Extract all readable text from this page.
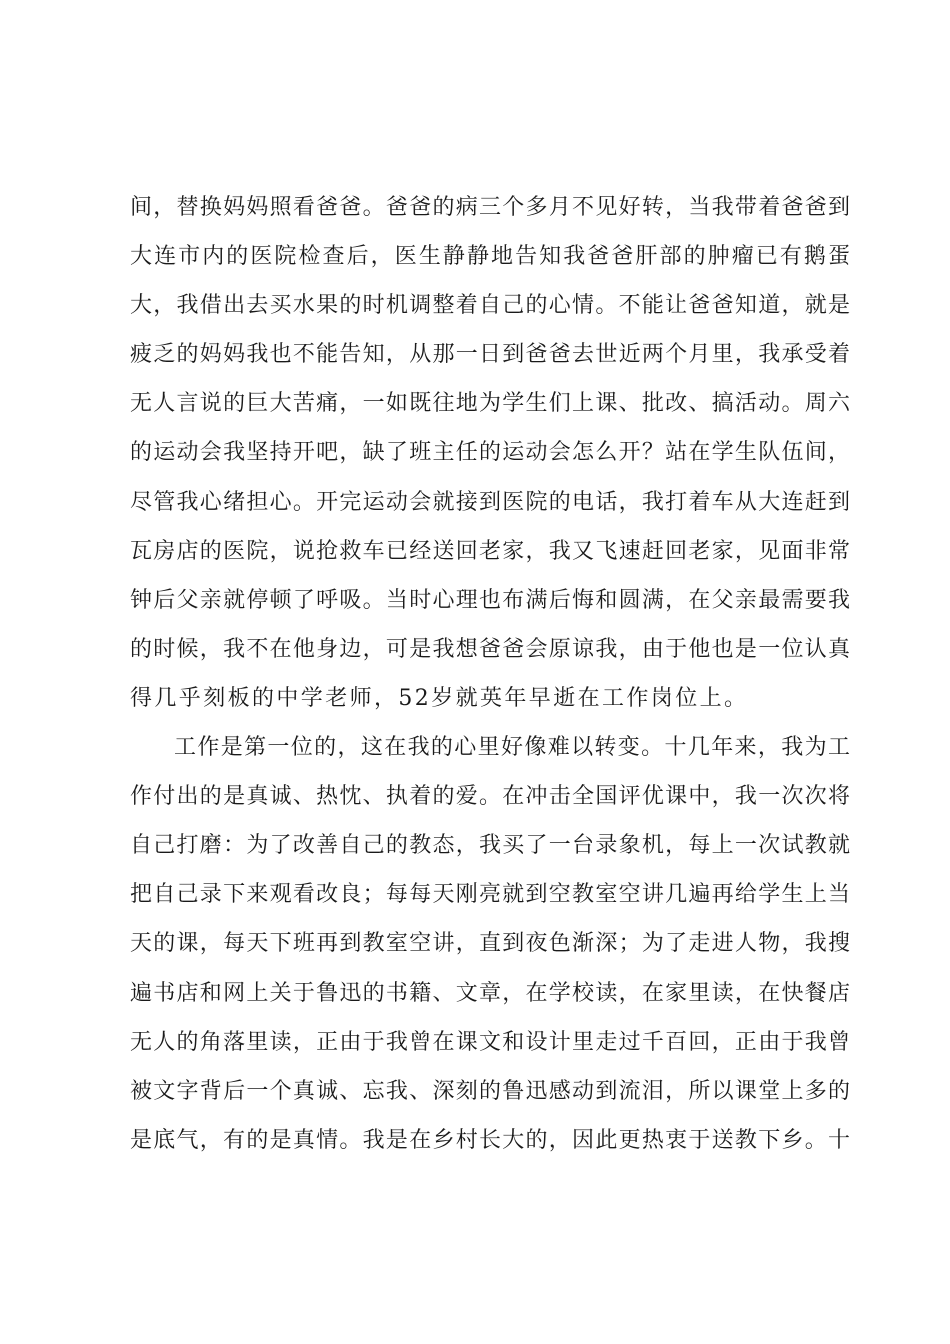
间，替换妈妈照看爸爸。爸爸的病三个多月不见好转，当我带着爸爸到
大连市内的医院检查后，医生静静地告知我爸爸肝部的肿瘤已有鹅蛋
大，我借出去买水果的时机调整着自己的心情。不能让爸爸知道，就是
疲乏的妈妈我也不能告知，从那一日到爸爸去世近两个月里，我承受着
无人言说的巨大苦痛，一如既往地为学生们上课、批改、搞活动。周六
的运动会我坚持开吧，缺了班主任的运动会怎么开？站在学生队伍间，
尽管我心绪担心。开完运动会就接到医院的电话，我打着车从大连赶到
瓦房店的医院，说抢救车已经送回老家，我又飞速赶回老家，见面非常
钟后父亲就停顿了呼吸。当时心理也布满后悔和圆满，在父亲最需要我
的时候，我不在他身边，可是我想爸爸会原谅我，由于他也是一位认真
得几乎刻板的中学老师，52岁就英年早逝在工作岗位上。
工作是第一位的，这在我的心里好像难以转变。十几年来，我为工
作付出的是真诚、热忱、执着的爱。在冲击全国评优课中，我一次次将
自己打磨：为了改善自己的教态，我买了一台录象机，每上一次试教就
把自己录下来观看改良；每每天刚亮就到空教室空讲几遍再给学生上当
天的课，每天下班再到教室空讲，直到夜色渐深；为了走进人物，我搜
遍书店和网上关于鲁迅的书籍、文章，在学校读，在家里读，在快餐店
无人的角落里读，正由于我曾在课文和设计里走过千百回，正由于我曾
被文字背后一个真诚、忘我、深刻的鲁迅感动到流泪，所以课堂上多的
是底气，有的是真情。我是在乡村长大的，因此更热衷于送教下乡。十
